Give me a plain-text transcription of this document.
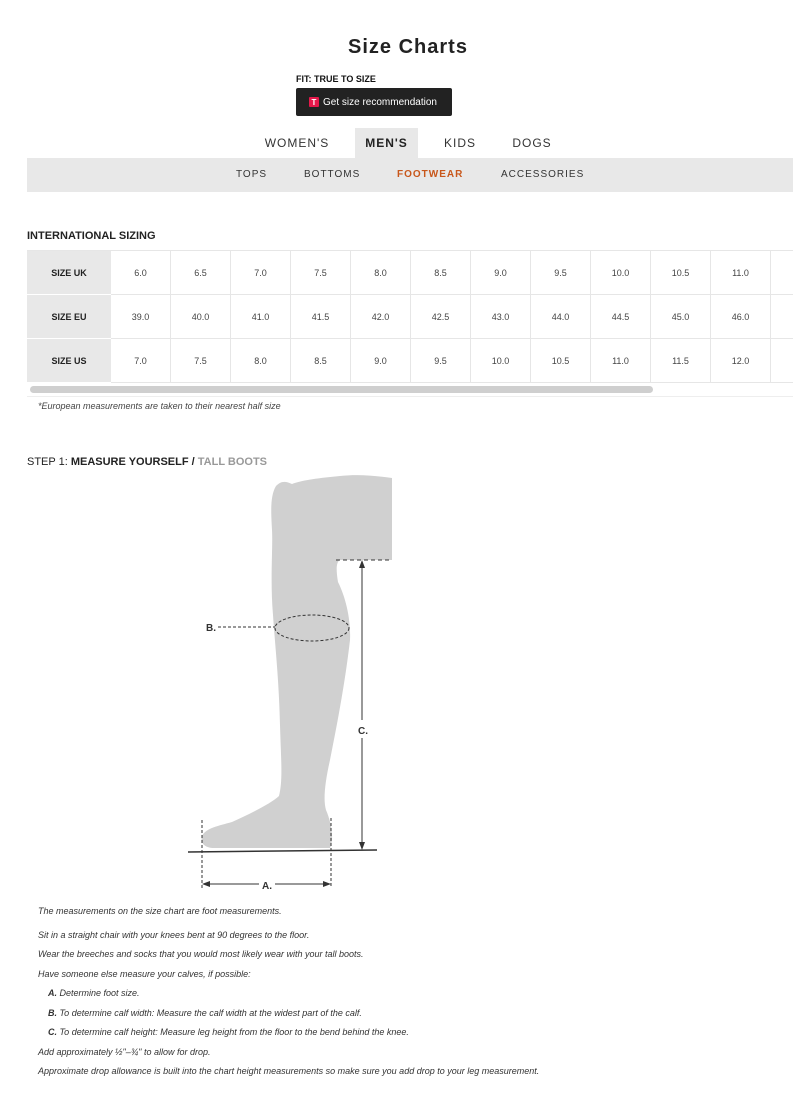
Size Charts
FIT: TRUE TO SIZE
T Get size recommendation
WOMEN'S	MEN'S	KIDS	DOGS
TOPS	BOTTOMS	FOOTWEAR	ACCESSORIES
INTERNATIONAL SIZING
SIZE UK	6.0	6.5	7.0	7.5	8.0	8.5	9.0	9.5	10.0	10.5	11.0
SIZE EU	39.0	40.0	41.0	41.5	42.0	42.5	43.0	44.0	44.5	45.0	46.0
SIZE US	7.0	7.5	8.0	8.5	9.0	9.5	10.0	10.5	11.0	11.5	12.0
*European measurements are taken to their nearest half size
STEP 1: MEASURE YOURSELF / TALL BOOTS
C.
B.
A.
The measurements on the size chart are foot measurements.
Sit in a straight chair with your knees bent at 90 degrees to the floor.
Wear the breeches and socks that you would most likely wear with your tall boots.
Have someone else measure your calves, if possible:
A. Determine foot size.
B. To determine calf width: Measure the calf width at the widest part of the calf.
C. To determine calf height: Measure leg height from the floor to the bend behind the knee.
Add approximately ½"–¾" to allow for drop.
Approximate drop allowance is built into the chart height measurements so make sure you add drop to your leg measurement.
